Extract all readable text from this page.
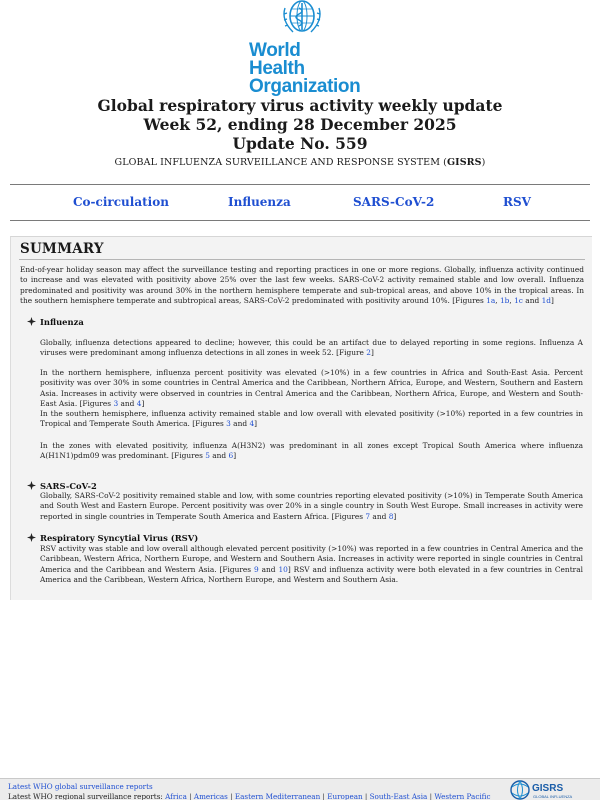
World Health
Organization
Global respiratory virus activity weekly update
Week 52, ending 28 December 2025
Update No. 559
GLOBAL INFLUENZA SURVEILLANCE AND RESPONSE SYSTEM (GISRS)
Co-circulation	Influenza	SARS-CoV-2	RSV
SUMMARY
End-of-year holiday season may affect the surveillance testing and reporting practices in one or more regions. Globally, influenza activity continued to increase and was elevated with positivity above 25% over the last few weeks. SARS-CoV-2 activity remained stable and low overall. Influenza predominated and positivity was around 30% in the northern hemisphere temperate and sub-tropical areas, and above 10% in the tropical areas. In the southern hemisphere temperate and subtropical areas, SARS-CoV-2 predominated with positivity around 10%. [Figures 1a, 1b, 1c and 1d]
Influenza
Globally, influenza detections appeared to decline; however, this could be an artifact due to delayed reporting in some regions. Influenza A viruses were predominant among influenza detections in all zones in week 52. [Figure 2]
In the northern hemisphere, influenza percent positivity was elevated (>10%) in a few countries in Africa and South-East Asia. Percent positivity was over 30% in some countries in Central America and the Caribbean, Northern Africa, Europe, and Western, Southern and Eastern Asia. Increases in activity were observed in countries in Central America and the Caribbean, Northern Africa, Europe, and Western and South-East Asia. [Figures 3 and 4]
In the southern hemisphere, influenza activity remained stable and low overall with elevated positivity (>10%) reported in a few countries in Tropical and Temperate South America. [Figures 3 and 4]
In the zones with elevated positivity, influenza A(H3N2) was predominant in all zones except Tropical South America where influenza A(H1N1)pdm09 was predominant. [Figures 5 and 6]
SARS-CoV-2
Globally, SARS-CoV-2 positivity remained stable and low, with some countries reporting elevated positivity (>10%) in Temperate South America and South West and Eastern Europe. Percent positivity was over 20% in a single country in South West Europe. Small increases in activity were reported in single countries in Temperate South America and Eastern Africa. [Figures 7 and 8]
Respiratory Syncytial Virus (RSV)
RSV activity was stable and low overall although elevated percent positivity (>10%) was reported in a few countries in Central America and the Caribbean, Western Africa, Northern Europe, and Western and Southern Asia. Increases in activity were reported in single countries in Central America and the Caribbean and Western Asia. [Figures 9 and 10] RSV and influenza activity were both elevated in a few countries in Central America and the Caribbean, Western Africa, Northern Europe, and Western and Southern Asia.
Latest WHO global surveillance reports
Latest WHO regional surveillance reports: Africa | Americas | Eastern Mediterranean | European | South-East Asia | Western Pacific
GISRS
GLOBAL INFLUENZA
